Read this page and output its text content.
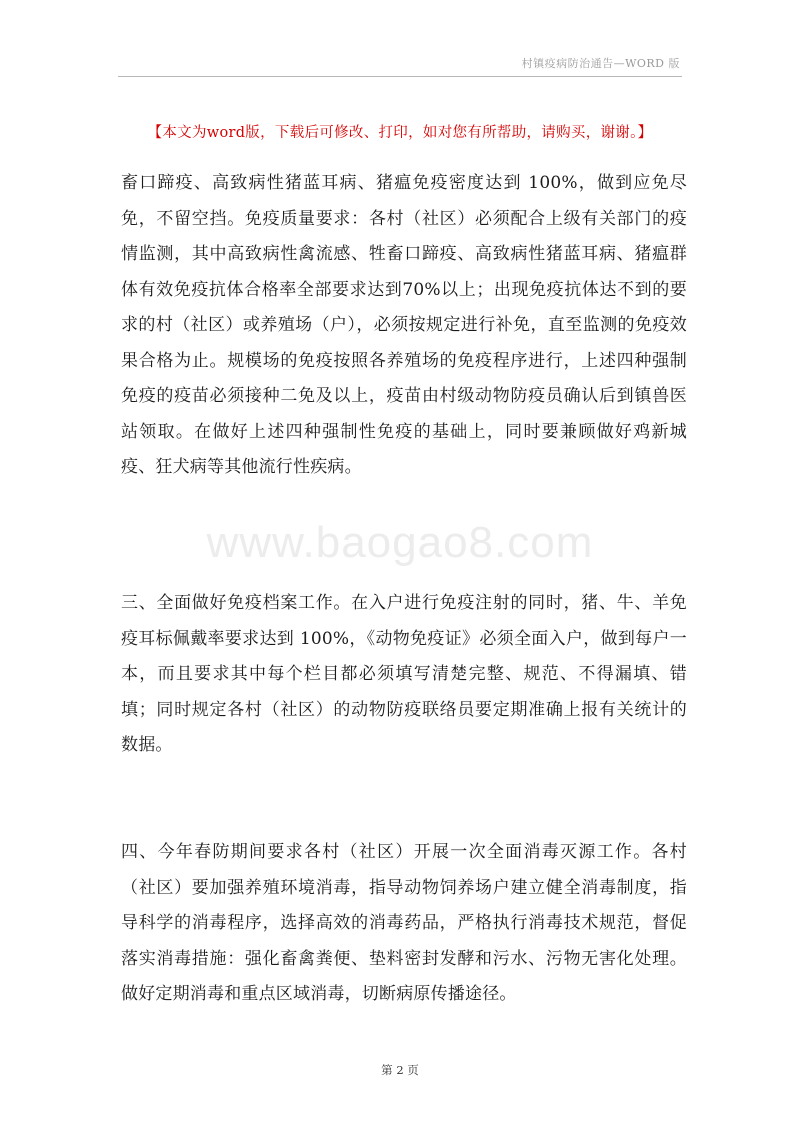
村镇疫病防治通告—WORD 版
【本文为word版，下载后可修改、打印，如对您有所帮助，请购买，谢谢。】

畜口蹄疫、高致病性猪蓝耳病、猪瘟免疫密度达到 100%，做到应免尽免，不留空挡。免疫质量要求：各村（社区）必须配合上级有关部门的疫情监测，其中高致病性禽流感、牲畜口蹄疫、高致病性猪蓝耳病、猪瘟群体有效免疫抗体合格率全部要求达到70%以上；出现免疫抗体达不到的要求的村（社区）或养殖场（户），必须按规定进行补免，直至监测的免疫效果合格为止。规模场的免疫按照各养殖场的免疫程序进行，上述四种强制免疫的疫苗必须接种二免及以上，疫苗由村级动物防疫员确认后到镇兽医站领取。在做好上述四种强制性免疫的基础上，同时要兼顾做好鸡新城疫、狂犬病等其他流行性疾病。

www.baogao8.com

三、全面做好免疫档案工作。在入户进行免疫注射的同时，猪、牛、羊免疫耳标佩戴率要求达到 100%，《动物免疫证》必须全面入户，做到每户一本，而且要求其中每个栏目都必须填写清楚完整、规范、不得漏填、错填；同时规定各村（社区）的动物防疫联络员要定期准确上报有关统计的数据。

四、今年春防期间要求各村（社区）开展一次全面消毒灭源工作。各村（社区）要加强养殖环境消毒，指导动物饲养场户建立健全消毒制度，指导科学的消毒程序，选择高效的消毒药品，严格执行消毒技术规范，督促落实消毒措施：强化畜禽粪便、垫料密封发酵和污水、污物无害化处理。做好定期消毒和重点区域消毒，切断病原传播途径。

第 2 页
